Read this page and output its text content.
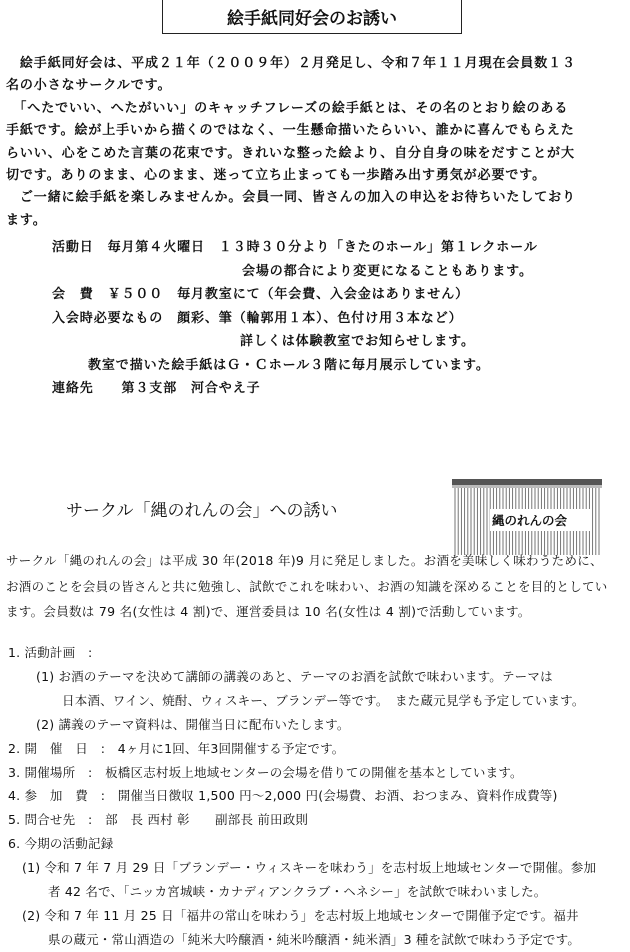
絵手紙同好会のお誘い
　絵手紙同好会は、平成２１年（２００９年）２月発足し、令和７年１１月現在会員数１３
名の小さなサークルです。
　「へたでいい、へたがいい」のキャッチフレーズの絵手紙とは、その名のとおり絵のある
手紙です。絵が上手いから描くのではなく、一生懸命描いたらいい、誰かに喜んでもらえた
らいい、心をこめた言葉の花束です。きれいな整った絵より、自分自身の味をだすことが大
切です。ありのまま、心のまま、迷って立ち止まっても一歩踏み出す勇気が必要です。
　ご一緒に絵手紙を楽しみませんか。会員一同、皆さんの加入の申込をお待ちいたしており
ます。
活動日　毎月第４火曜日　１３時３０分より「きたのホール」第１レクホール
会場の都合により変更になることもあります。
会　費　￥５００　毎月教室にて（年会費、入会金はありません）
入会時必要なもの　顔彩、筆（輪郭用１本）、色付け用３本など）
詳しくは体験教室でお知らせします。
教室で描いた絵手紙はＧ・Ｃホール３階に毎月展示しています。
連絡先　　第３支部　河合やえ子
サークル「縄のれんの会」への誘い	縄のれんの会
サークル「縄のれんの会」は平成 30 年(2018 年)9 月に発足しました。お酒を美味しく味わうために、
お酒のことを会員の皆さんと共に勉強し、試飲でこれを味わい、お酒の知識を深めることを目的としてい
ます。会員数は 79 名(女性は 4 割)で、運営委員は 10 名(女性は 4 割)で活動しています。
1. 活動計画　:
(1) お酒のテーマを決めて講師の講義のあと、テーマのお酒を試飲で味わいます。テーマは
日本酒、ワイン、焼酎、ウィスキー、ブランデー等です。　また蔵元見学も予定しています。
(2) 講義のテーマ資料は、開催当日に配布いたします。
2. 開　催　日　:　4ヶ月に1回、年3回開催する予定です。
3. 開催場所　:　板橋区志村坂上地域センターの会場を借りての開催を基本としています。
4. 参　加　費　:　開催当日徴収 1,500 円～2,000 円(会場費、お酒、おつまみ、資料作成費等)
5. 問合せ先　:　部　長 西村 彰　　副部長 前田政則
6. 今期の活動記録
(1) 令和 7 年 7 月 29 日「ブランデー・ウィスキーを味わう」を志村坂上地域センターで開催。参加
者 42 名で、「ニッカ宮城峡・カナディアンクラブ・ヘネシー」を試飲で味わいました。
(2) 令和 7 年 11 月 25 日「福井の常山を味わう」を志村坂上地域センターで開催予定です。福井
県の蔵元・常山酒造の「純米大吟醸酒・純米吟醸酒・純米酒」3 種を試飲で味わう予定です。
